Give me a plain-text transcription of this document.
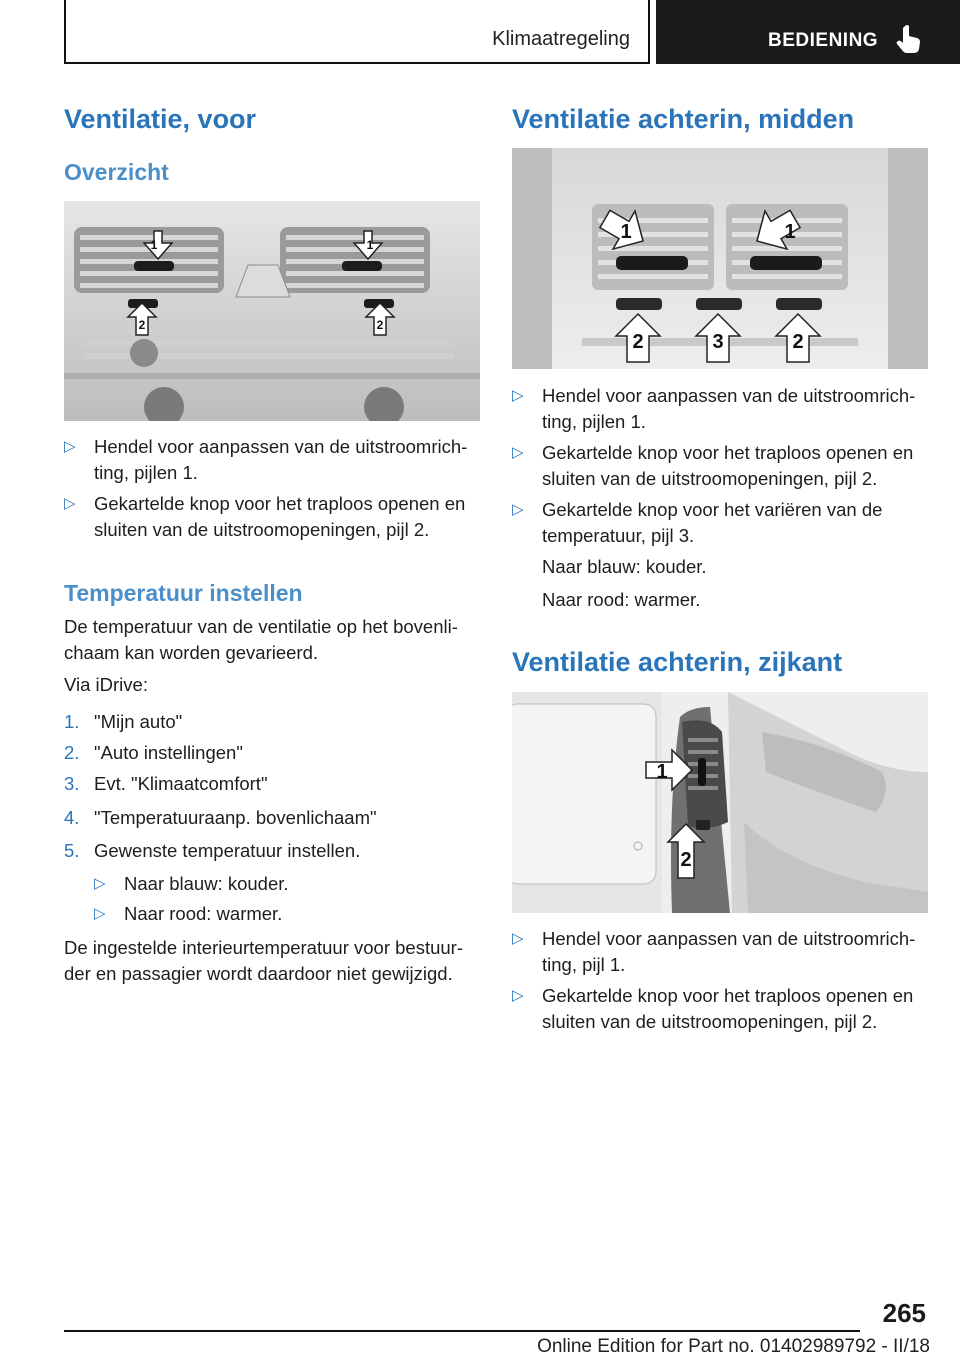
Klimaatregeling	BEDIENING
Ventilatie, voor
Overzicht
1	1
2	2
▷ Hendel voor aanpassen van de uitstroomrich-
ting, pijlen 1.
▷ Gekartelde knop voor het traploos openen en
sluiten van de uitstroomopeningen, pijl 2.
Temperatuur instellen
De temperatuur van de ventilatie op het bovenli-
chaam kan worden gevarieerd.
Via iDrive:
1. "Mijn auto"
2. "Auto instellingen"
3. Evt. "Klimaatcomfort"
4. "Temperatuuraanp. bovenlichaam"
5. Gewenste temperatuur instellen.
▷ Naar blauw: kouder.
▷ Naar rood: warmer.
De ingestelde interieurtemperatuur voor bestuur-
der en passagier wordt daardoor niet gewijzigd.
Ventilatie achterin, midden
1	1
2	3	2
▷ Hendel voor aanpassen van de uitstroomrich-
ting, pijlen 1.
▷ Gekartelde knop voor het traploos openen en
sluiten van de uitstroomopeningen, pijl 2.
▷ Gekartelde knop voor het variëren van de
temperatuur, pijl 3.
Naar blauw: kouder.
Naar rood: warmer.
Ventilatie achterin, zijkant
1
2
▷ Hendel voor aanpassen van de uitstroomrich-
ting, pijl 1.
▷ Gekartelde knop voor het traploos openen en
sluiten van de uitstroomopeningen, pijl 2.
265
Online Edition for Part no. 01402989792 - II/18
